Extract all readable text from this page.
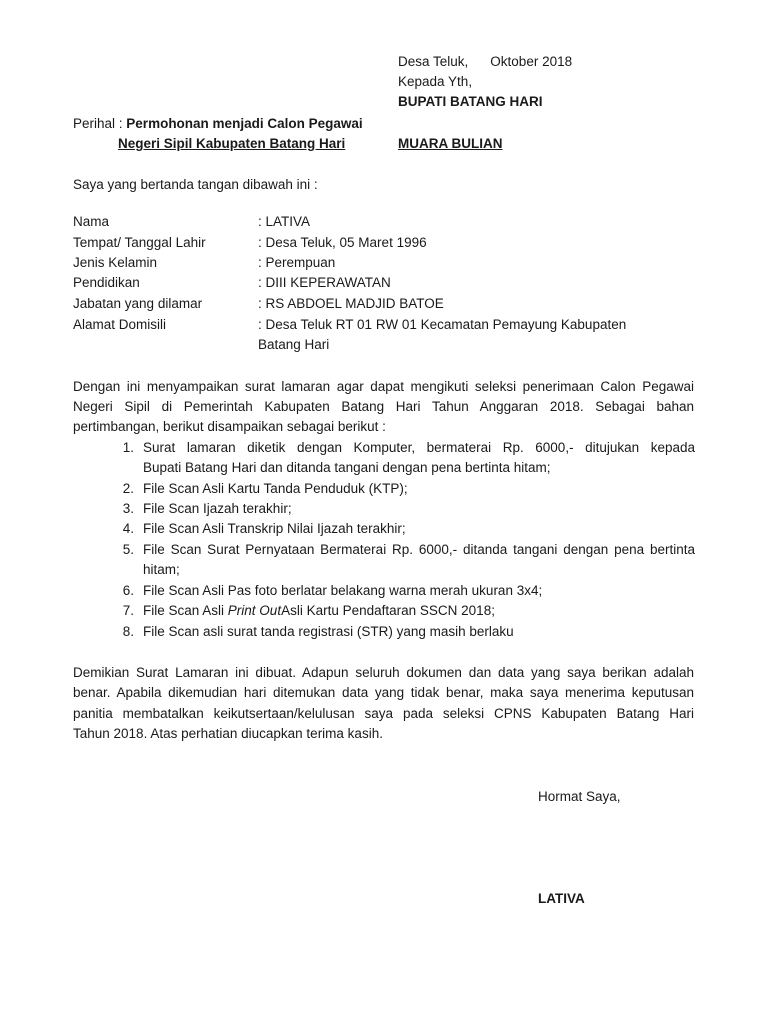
Desa Teluk, Oktober 2018
Kepada Yth,
BUPATI BATANG HARI
Perihal : Permohonan menjadi Calon Pegawai
Negeri Sipil Kabupaten Batang Hari	MUARA BULIAN
Saya yang bertanda tangan dibawah ini :
Nama	: LATIVA
Tempat/ Tanggal Lahir	: Desa Teluk, 05 Maret 1996
Jenis Kelamin	: Perempuan
Pendidikan	: DIII KEPERAWATAN
Jabatan yang dilamar	: RS ABDOEL MADJID BATOE
Alamat Domisili	: Desa Teluk RT 01 RW 01 Kecamatan Pemayung Kabupaten
Batang Hari
Dengan ini menyampaikan surat lamaran agar dapat mengikuti seleksi penerimaan Calon Pegawai
Negeri Sipil di Pemerintah Kabupaten Batang Hari Tahun Anggaran 2018. Sebagai bahan
pertimbangan, berikut disampaikan sebagai berikut :
1. Surat lamaran diketik dengan Komputer, bermaterai Rp. 6000,- ditujukan kepada
Bupati Batang Hari dan ditanda tangani dengan pena bertinta hitam;
2. File Scan Asli Kartu Tanda Penduduk (KTP);
3. File Scan Ijazah terakhir;
4. File Scan Asli Transkrip Nilai Ijazah terakhir;
5. File Scan Surat Pernyataan Bermaterai Rp. 6000,- ditanda tangani dengan pena bertinta
hitam;
6. File Scan Asli Pas foto berlatar belakang warna merah ukuran 3x4;
7. File Scan Asli Print OutAsli Kartu Pendaftaran SSCN 2018;
8. File Scan asli surat tanda registrasi (STR) yang masih berlaku
Demikian Surat Lamaran ini dibuat. Adapun seluruh dokumen dan data yang saya berikan adalah
benar. Apabila dikemudian hari ditemukan data yang tidak benar, maka saya menerima keputusan
panitia membatalkan keikutsertaan/kelulusan saya pada seleksi CPNS Kabupaten Batang Hari
Tahun 2018. Atas perhatian diucapkan terima kasih.
Hormat Saya,
LATIVA
